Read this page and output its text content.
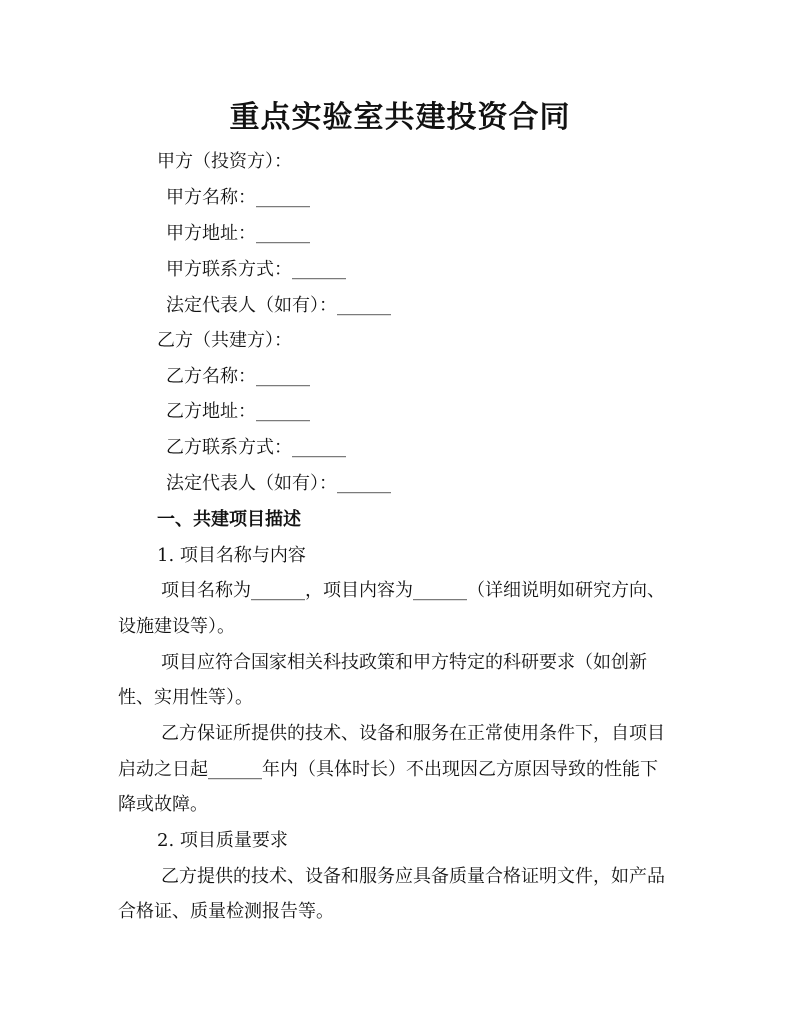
重点实验室共建投资合同

甲方（投资方）：

甲方名称：______

甲方地址：______

甲方联系方式：______

法定代表人（如有）：______

乙方（共建方）：

乙方名称：______

乙方地址：______

乙方联系方式：______

法定代表人（如有）：______

一、共建项目描述

1. 项目名称与内容

项目名称为______，项目内容为______（详细说明如研究方向、

设施建设等）。

项目应符合国家相关科技政策和甲方特定的科研要求（如创新

性、实用性等）。

乙方保证所提供的技术、设备和服务在正常使用条件下，自项目

启动之日起______年内（具体时长）不出现因乙方原因导致的性能下

降或故障。

2. 项目质量要求

乙方提供的技术、设备和服务应具备质量合格证明文件，如产品

合格证、质量检测报告等。
